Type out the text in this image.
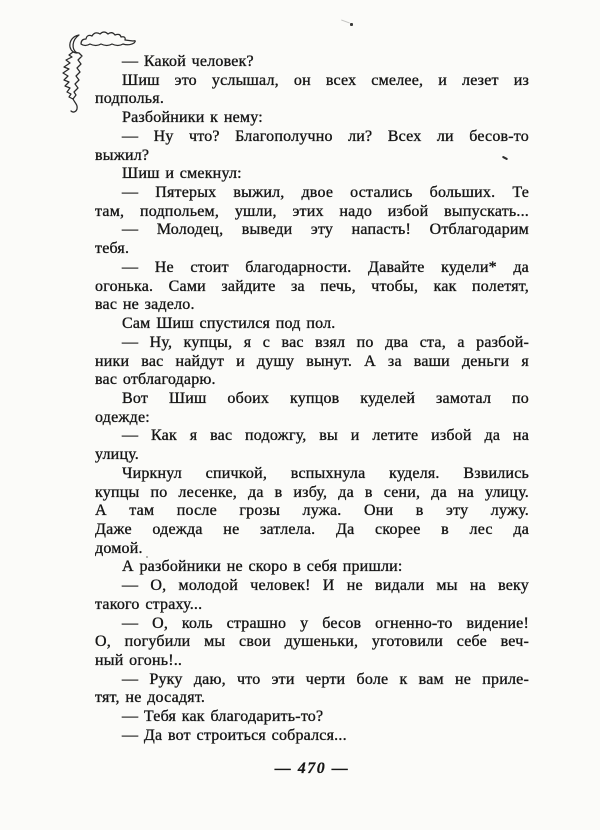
— Какой человек?
Шиш это услышал, он всех смелее, и лезет из
подполья.
Разбойники к нему:
— Ну что? Благополучно ли? Всех ли бесов-то
выжил?
Шиш и смекнул:
— Пятерых выжил, двое остались больших. Те
там, подпольем, ушли, этих надо избой выпускать...
— Молодец, выведи эту напасть! Отблагодарим
тебя.
— Не стоит благодарности. Давайте кудели* да
огонька. Сами зайдите за печь, чтобы, как полетят,
вас не задело.
Сам Шиш спустился под пол.
— Ну, купцы, я с вас взял по два ста, а разбой-
ники вас найдут и душу вынут. А за ваши деньги я
вас отблагодарю.
Вот Шиш обоих купцов куделей замотал по
одежде:
— Как я вас подожгу, вы и летите избой да на
улицу.
Чиркнул спичкой, вспыхнула куделя. Взвились
купцы по лесенке, да в избу, да в сени, да на улицу.
А там после грозы лужа. Они в эту лужу.
Даже одежда не затлела. Да скорее в лес да
домой.
А разбойники не скоро в себя пришли:
— О, молодой человек! И не видали мы на веку
такого страху...
— О, коль страшно у бесов огненно-то видение!
О, погубили мы свои душеньки, уготовили себе веч-
ный огонь!..
— Руку даю, что эти черти боле к вам не приле-
тят, не досадят.
— Тебя как благодарить-то?
— Да вот строиться собрался...
— 470 —
